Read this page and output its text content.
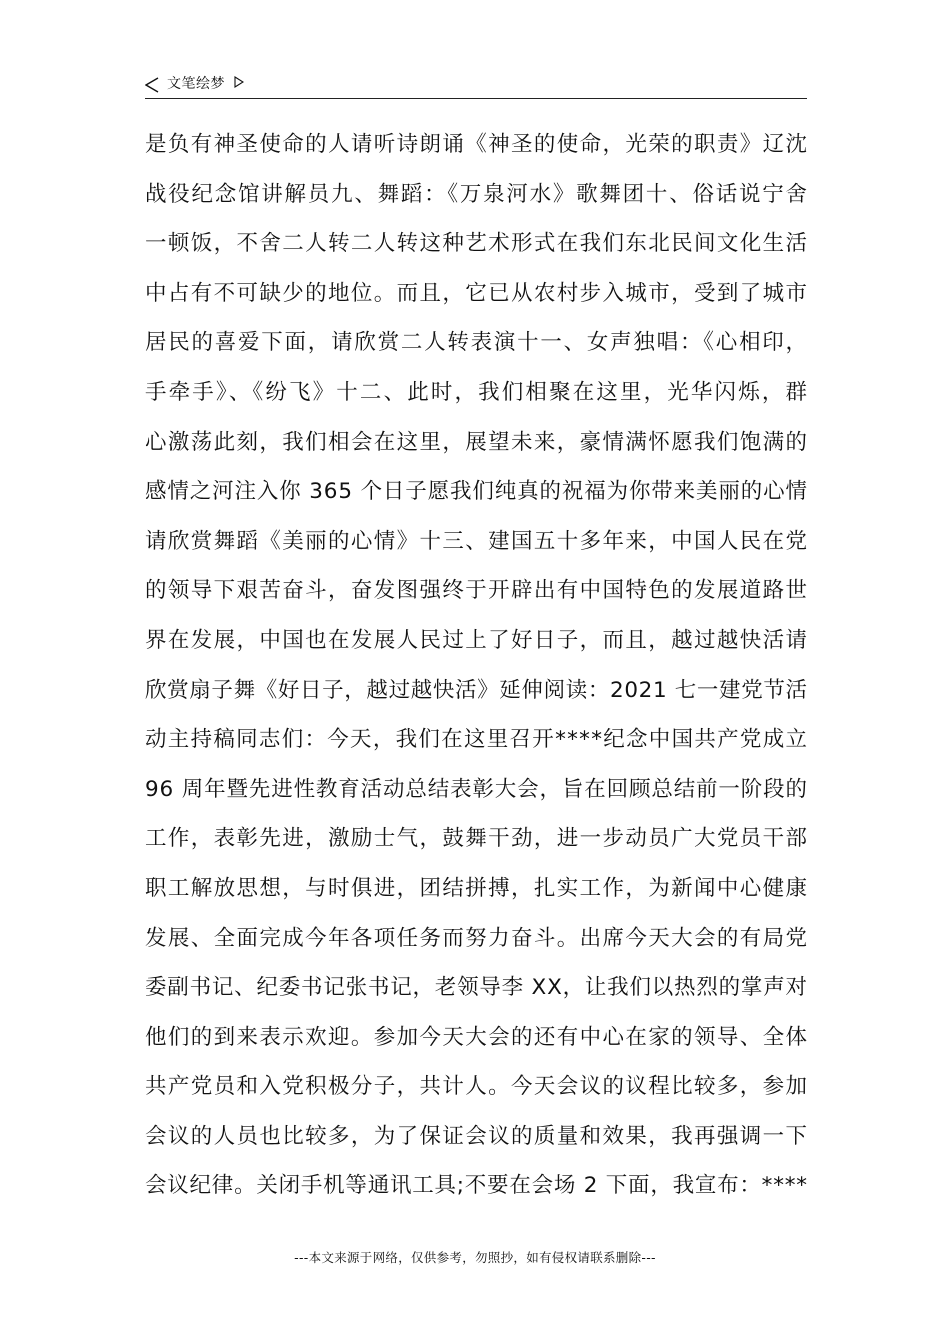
文笔绘梦
是负有神圣使命的人请听诗朗诵《神圣的使命，光荣的职责》辽沈
战役纪念馆讲解员九、舞蹈：《万泉河水》歌舞团十、俗话说宁舍
一顿饭，不舍二人转二人转这种艺术形式在我们东北民间文化生活
中占有不可缺少的地位。而且，它已从农村步入城市，受到了城市
居民的喜爱下面，请欣赏二人转表演十一、女声独唱：《心相印，
手牵手》、《纷飞》十二、此时，我们相聚在这里，光华闪烁，群
心激荡此刻，我们相会在这里，展望未来，豪情满怀愿我们饱满的
感情之河注入你 365 个日子愿我们纯真的祝福为你带来美丽的心情
请欣赏舞蹈《美丽的心情》十三、建国五十多年来，中国人民在党
的领导下艰苦奋斗，奋发图强终于开辟出有中国特色的发展道路世
界在发展，中国也在发展人民过上了好日子，而且，越过越快活请
欣赏扇子舞《好日子，越过越快活》延伸阅读：2021 七一建党节活
动主持稿同志们：今天，我们在这里召开****纪念中国共产党成立
96 周年暨先进性教育活动总结表彰大会，旨在回顾总结前一阶段的
工作，表彰先进，激励士气，鼓舞干劲，进一步动员广大党员干部
职工解放思想，与时俱进，团结拼搏，扎实工作，为新闻中心健康
发展、全面完成今年各项任务而努力奋斗。出席今天大会的有局党
委副书记、纪委书记张书记，老领导李 XX，让我们以热烈的掌声对
他们的到来表示欢迎。参加今天大会的还有中心在家的领导、全体
共产党员和入党积极分子，共计人。今天会议的议程比较多，参加
会议的人员也比较多，为了保证会议的质量和效果，我再强调一下
会议纪律。关闭手机等通讯工具;不要在会场 2 下面，我宣布：****
---本文来源于网络，仅供参考，勿照抄，如有侵权请联系删除---
